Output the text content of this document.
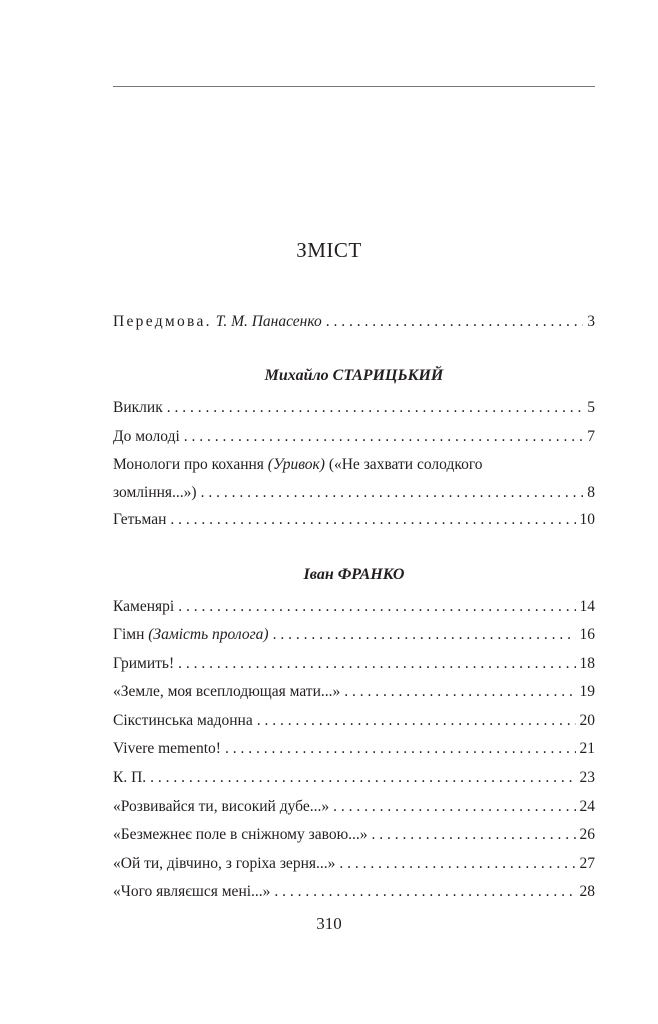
ЗМІСТ
Передмова. Т. М. Панасенко . . .	3
Михайло СТАРИЦЬКИЙ
Виклик . . .	5
До молоді . . .	7
Монологи про кохання (Уривок) («Не захвати солодкого
зомління...») . . .	8
Гетьман . . .	10
Іван ФРАНКО
Каменярі . . .	14
Гімн (Замість пролога) . . .	16
Гримить! . . .	18
«Земле, моя всеплодющая мати...» . . .	19
Сікстинська мадонна . . .	20
Vivere memento! . . .	21
К. П. . . .	23
«Розвивайся ти, високий дубе...» . . .	24
«Безмежнеє поле в сніжному завою...» . . .	26
«Ой ти, дівчино, з горіха зерня...» . . .	27
«Чого являєшся мені...» . . .	28
310
